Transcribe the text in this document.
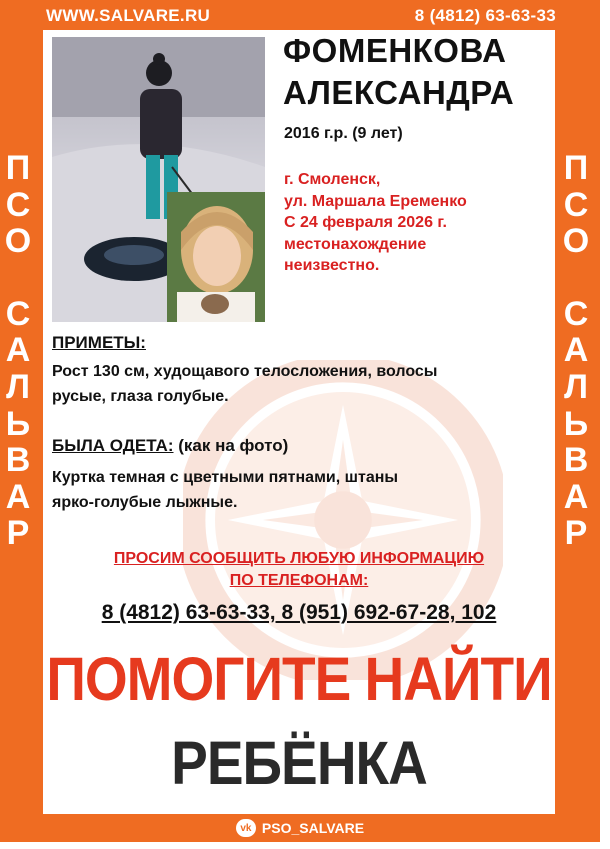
WWW.SALVARE.RU	8 (4812) 63-63-33
П
С
О
С
А
Л
Ь
В
А
Р
П
С
О
С
А
Л
Ь
В
А
Р
ФОМЕНКОВА
АЛЕКСАНДРА
2016 г.р. (9 лет)
г. Смоленск,
ул. Маршала Еременко
С 24 февраля 2026 г.
местонахождение
неизвестно.
ПРИМЕТЫ:
Рост 130 см, худощавого телосложения, волосы
русые, глаза голубые.
БЫЛА ОДЕТА: (как на фото)
Куртка темная с цветными пятнами, штаны
ярко-голубые лыжные.
ПРОСИМ СООБЩИТЬ ЛЮБУЮ ИНФОРМАЦИЮ
ПО ТЕЛЕФОНАМ:
8 (4812) 63-63-33, 8 (951) 692-67-28, 102
ПОМОГИТЕ НАЙТИ
РЕБЁНКА
vk PSO_SALVARE
